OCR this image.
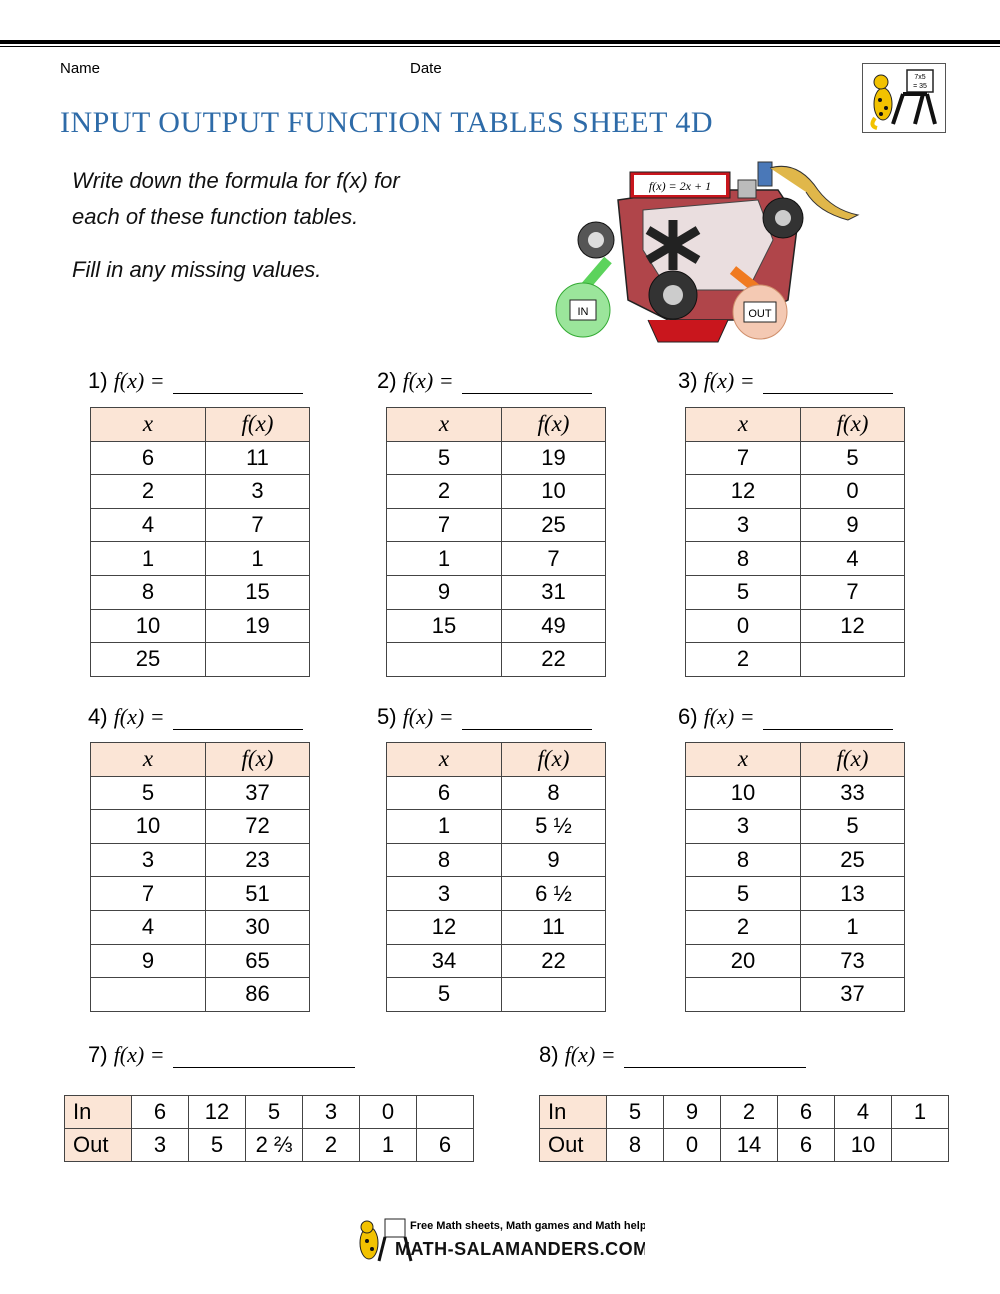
Name	Date
7x5
= 35
INPUT OUTPUT FUNCTION TABLES SHEET 4D
Write down the formula for f(x) for
each of these function tables.
Fill in any missing values.
f(x) = 2x + 1
IN	OUT
1) f(x) =	2) f(x) =	3) f(x) =
4) f(x) =	5) f(x) =	6) f(x) =
7) f(x) =	8) f(x) =
x	f(x)
6	11
2	3
4	7
1	1
8	15
10	19
25	
x	f(x)
5	19
2	10
7	25
1	7
9	31
15	49
	22
x	f(x)
7	5
12	0
3	9
8	4
5	7
0	12
2	
x	f(x)
5	37
10	72
3	23
7	51
4	30
9	65
	86
x	f(x)
6	8
1	5 ½
8	9
3	6 ½
12	11
34	22
5	
x	f(x)
10	33
3	5
8	25
5	13
2	1
20	73
	37
In	6	12	5	3	0	
Out	3	5	2 ⅔	2	1	6
In	5	9	2	6	4	1
Out	8	0	14	6	10	
Free Math sheets, Math games and Math help
MATH-SALAMANDERS.COM
